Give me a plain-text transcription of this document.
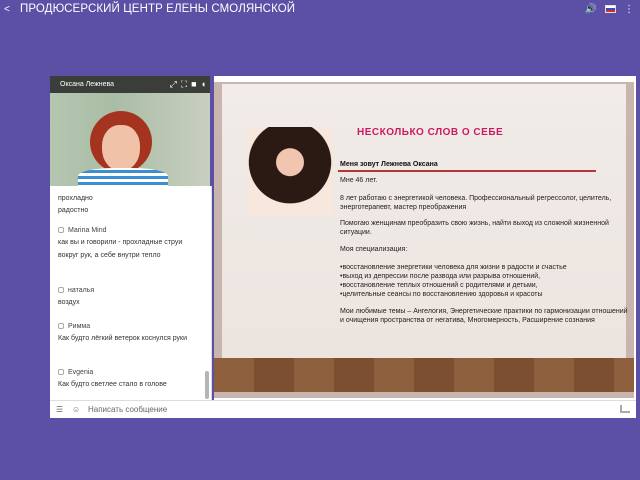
< ПРОДЮСЕРСКИЙ ЦЕНТР ЕЛЕНЫ СМОЛЯНСКОЙ	🔊	⋮
Оксана Лежнева	⤢ ⛶ ■ ◖
прохладно
радостно
Marina Mind
как вы и говорили - прохладные струи вокруг рук, а себе внутри тепло
наталья
воздух
Римма
Как будто лёгкий ветерок коснулся руки
Evgenia
Как будто светлее стало в голове
НЕСКОЛЬКО СЛОВ О СЕБЕ
Меня зовут Лежнева Оксана
Мне 46 лет.
8 лет работаю с энергетикой человека. Профессиональный регрессолог, целитель, энерготерапевт, мастер преображения
Помогаю женщинам преобразить свою жизнь, найти выход из сложной жизненной ситуации.
Моя специализация:
•восстановление энергетики человека для жизни в радости и счастье
•выход из депрессии после развода или разрыва отношений,
•восстановление теплых отношений с родителями и детьми,
•целительные сеансы по восстановлению здоровья и красоты
Мои любимые темы – Ангелогия, Энергетические практики по гармонизации отношений и очищения пространства от негатива, Многомерность, Расширение сознания
☰	☺ Написать сообщение
